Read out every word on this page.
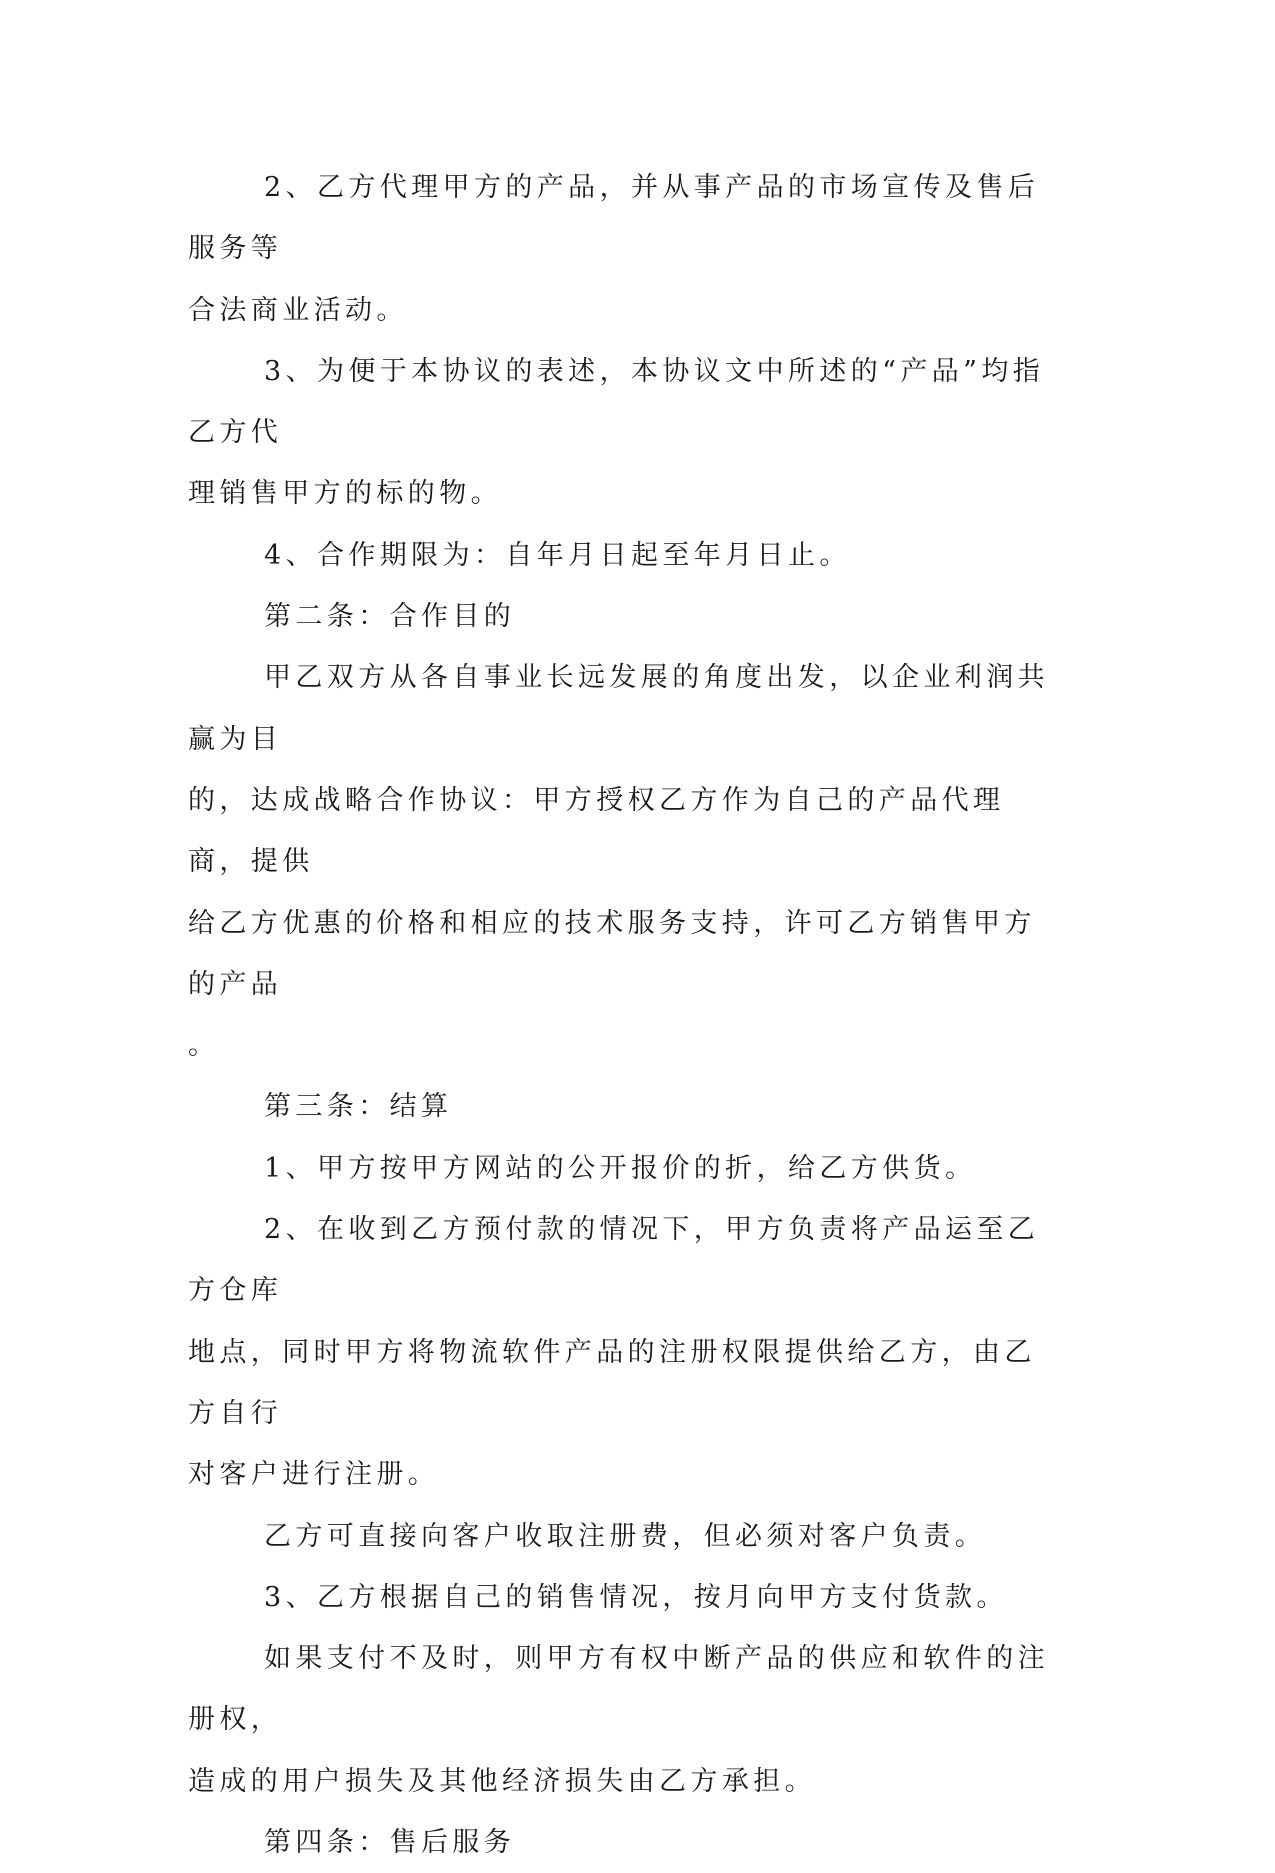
2、乙方代理甲方的产品，并从事产品的市场宣传及售后服务等
合法商业活动。

3、为便于本协议的表述，本协议文中所述的“产品”均指乙方代
理销售甲方的标的物。

4、合作期限为：自年月日起至年月日止。

第二条：合作目的

甲乙双方从各自事业长远发展的角度出发，以企业利润共赢为目
的，达成战略合作协议：甲方授权乙方作为自己的产品代理商，提供
给乙方优惠的价格和相应的技术服务支持，许可乙方销售甲方的产品
。

第三条：结算

1、甲方按甲方网站的公开报价的折，给乙方供货。

2、在收到乙方预付款的情况下，甲方负责将产品运至乙方仓库
地点，同时甲方将物流软件产品的注册权限提供给乙方，由乙方自行
对客户进行注册。

乙方可直接向客户收取注册费，但必须对客户负责。

3、乙方根据自己的销售情况，按月向甲方支付货款。

如果支付不及时，则甲方有权中断产品的供应和软件的注册权，
造成的用户损失及其他经济损失由乙方承担。

第四条：售后服务
